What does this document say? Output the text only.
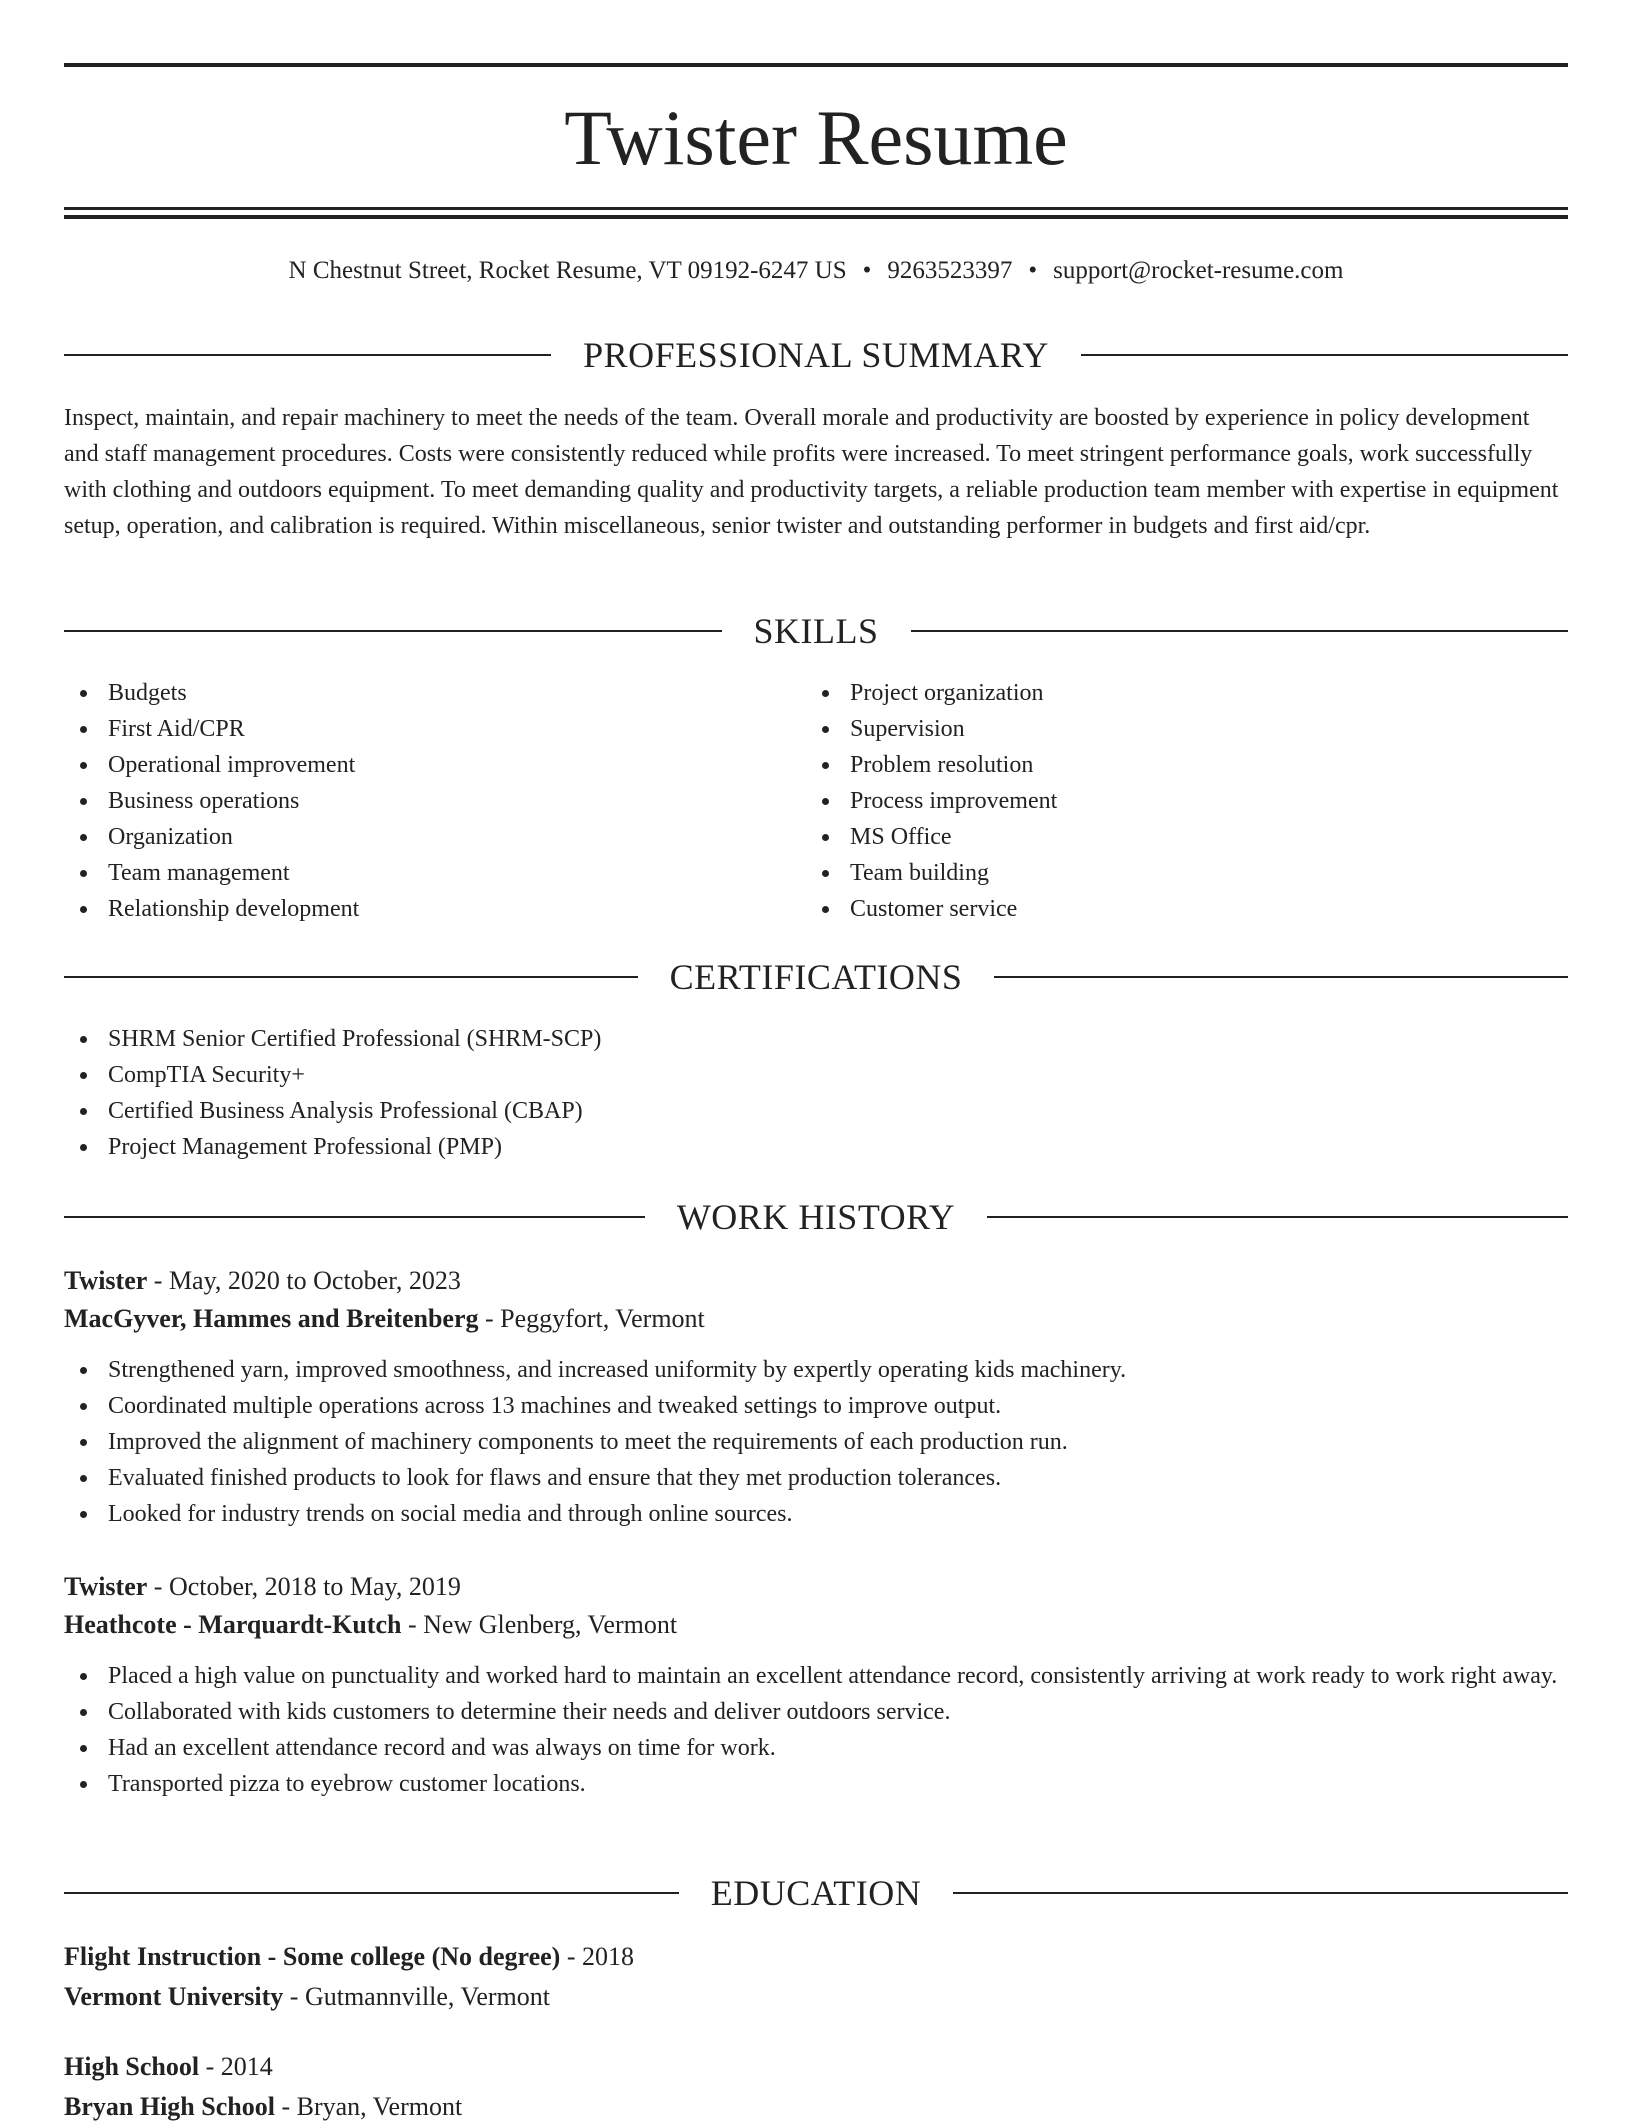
Twister Resume
N Chestnut Street, Rocket Resume, VT 09192-6247 US • 9263523397 • support@rocket-resume.com
PROFESSIONAL SUMMARY

Inspect, maintain, and repair machinery to meet the needs of the team. Overall morale and productivity are boosted by experience in policy development and staff management procedures. Costs were consistently reduced while profits were increased. To meet stringent performance goals, work successfully with clothing and outdoors equipment. To meet demanding quality and productivity targets, a reliable production team member with expertise in equipment setup, operation, and calibration is required. Within miscellaneous, senior twister and outstanding performer in budgets and first aid/cpr.

SKILLS
Budgets
First Aid/CPR
Operational improvement
Business operations
Organization
Team management
Relationship development
Project organization
Supervision
Problem resolution
Process improvement
MS Office
Team building
Customer service
CERTIFICATIONS
SHRM Senior Certified Professional (SHRM-SCP)
CompTIA Security+
Certified Business Analysis Professional (CBAP)
Project Management Professional (PMP)
WORK HISTORY
Twister - May, 2020 to October, 2023
MacGyver, Hammes and Breitenberg - Peggyfort, Vermont
Strengthened yarn, improved smoothness, and increased uniformity by expertly operating kids machinery.
Coordinated multiple operations across 13 machines and tweaked settings to improve output.
Improved the alignment of machinery components to meet the requirements of each production run.
Evaluated finished products to look for flaws and ensure that they met production tolerances.
Looked for industry trends on social media and through online sources.
Twister - October, 2018 to May, 2019
Heathcote - Marquardt-Kutch - New Glenberg, Vermont
Placed a high value on punctuality and worked hard to maintain an excellent attendance record, consistently arriving at work ready to work right away.
Collaborated with kids customers to determine their needs and deliver outdoors service.
Had an excellent attendance record and was always on time for work.
Transported pizza to eyebrow customer locations.
EDUCATION
Flight Instruction - Some college (No degree) - 2018
Vermont University - Gutmannville, Vermont
High School - 2014
Bryan High School - Bryan, Vermont
